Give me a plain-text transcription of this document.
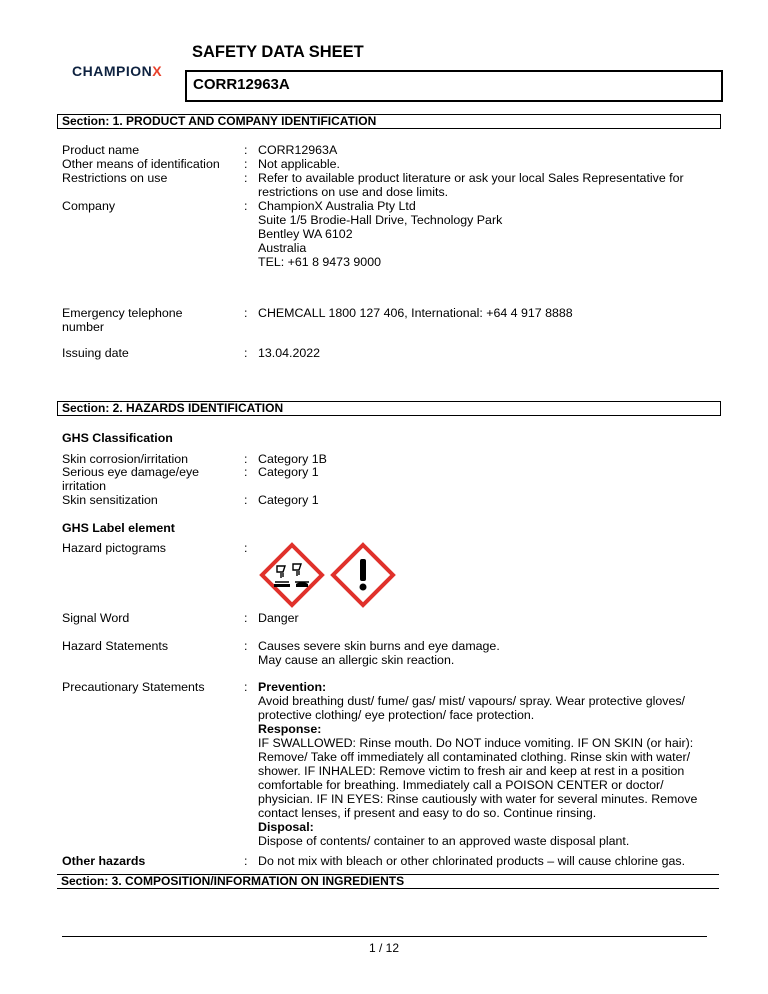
CHAMPIONX
SAFETY DATA SHEET
CORR12963A
Section: 1. PRODUCT AND COMPANY IDENTIFICATION
Product name	: CORR12963A
Other means of identification : Not applicable.
Restrictions on use	: Refer to available product literature or ask your local Sales Representative for
restrictions on use and dose limits.
Company	: ChampionX Australia Pty Ltd
Suite 1/5 Brodie-Hall Drive, Technology Park
Bentley WA 6102
Australia
TEL: +61 8 9473 9000
Emergency telephone
number
: CHEMCALL 1800 127 406, International: +64 4 917 8888
Issuing date	: 13.04.2022
Section: 2. HAZARDS IDENTIFICATION
GHS Classification
Skin corrosion/irritation	: Category 1B
Serious eye damage/eye
irritation
: Category 1
Skin sensitization	: Category 1
GHS Label element
Hazard pictograms	:
Signal Word	: Danger
Hazard Statements	: Causes severe skin burns and eye damage.
May cause an allergic skin reaction.
Precautionary Statements	: Prevention:
Avoid breathing dust/ fume/ gas/ mist/ vapours/ spray. Wear protective gloves/
protective clothing/ eye protection/ face protection.
Response:
IF SWALLOWED: Rinse mouth. Do NOT induce vomiting. IF ON SKIN (or hair):
Remove/ Take off immediately all contaminated clothing. Rinse skin with water/
shower. IF INHALED: Remove victim to fresh air and keep at rest in a position
comfortable for breathing. Immediately call a POISON CENTER or doctor/
physician. IF IN EYES: Rinse cautiously with water for several minutes. Remove
contact lenses, if present and easy to do so. Continue rinsing.
Disposal:
Dispose of contents/ container to an approved waste disposal plant.
Other hazards	: Do not mix with bleach or other chlorinated products – will cause chlorine gas.
Section: 3. COMPOSITION/INFORMATION ON INGREDIENTS
1 / 12
